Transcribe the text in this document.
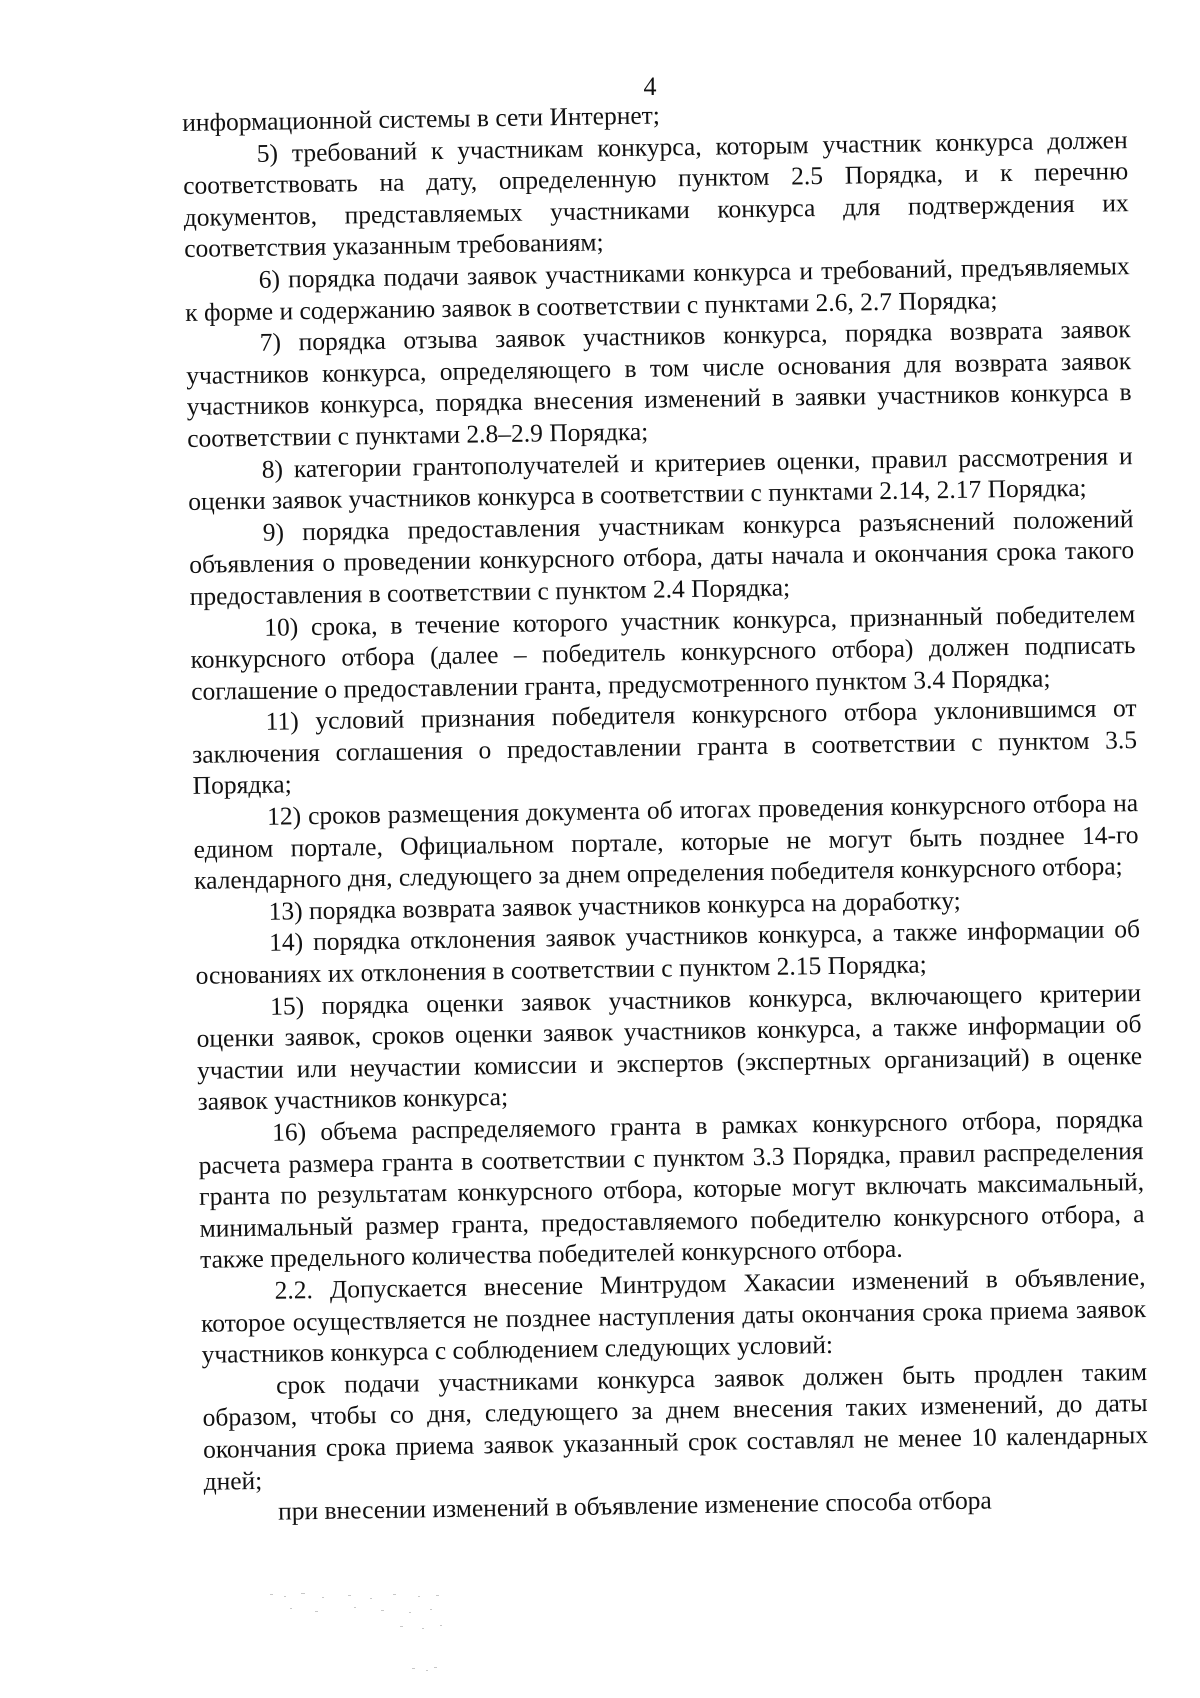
4

информационной системы в сети Интернет;

5) требований к участникам конкурса, которым участник конкурса должен соответствовать на дату, определенную пунктом 2.5 Порядка, и к перечню документов, представляемых участниками конкурса для подтверждения их соответствия указанным требованиям;

6) порядка подачи заявок участниками конкурса и требований, предъявляемых к форме и содержанию заявок в соответствии с пунктами 2.6, 2.7 Порядка;

7) порядка отзыва заявок участников конкурса, порядка возврата заявок участников конкурса, определяющего в том числе основания для возврата заявок участников конкурса, порядка внесения изменений в заявки участников конкурса в соответствии с пунктами 2.8–2.9 Порядка;

8) категории грантополучателей и критериев оценки, правил рассмотрения и оценки заявок участников конкурса в соответствии с пунктами 2.14, 2.17 Порядка;

9) порядка предоставления участникам конкурса разъяснений положений объявления о проведении конкурсного отбора, даты начала и окончания срока такого предоставления в соответствии с пунктом 2.4 Порядка;

10) срока, в течение которого участник конкурса, признанный победителем конкурсного отбора (далее – победитель конкурсного отбора) должен подписать соглашение о предоставлении гранта, предусмотренного пунктом 3.4 Порядка;

11) условий признания победителя конкурсного отбора уклонившимся от заключения соглашения о предоставлении гранта в соответствии с пунктом 3.5 Порядка;

12) сроков размещения документа об итогах проведения конкурсного отбора на едином портале, Официальном портале, которые не могут быть позднее 14-го календарного дня, следующего за днем определения победителя конкурсного отбора;

13) порядка возврата заявок участников конкурса на доработку;

14) порядка отклонения заявок участников конкурса, а также информации об основаниях их отклонения в соответствии с пунктом 2.15 Порядка;

15) порядка оценки заявок участников конкурса, включающего критерии оценки заявок, сроков оценки заявок участников конкурса, а также информации об участии или неучастии комиссии и экспертов (экспертных организаций) в оценке заявок участников конкурса;

16) объема распределяемого гранта в рамках конкурсного отбора, порядка расчета размера гранта в соответствии с пунктом 3.3 Порядка, правил распределения гранта по результатам конкурсного отбора, которые могут включать максимальный, минимальный размер гранта, предоставляемого победителю конкурсного отбора, а также предельного количества победителей конкурсного отбора.

2.2. Допускается внесение Минтрудом Хакасии изменений в объявление, которое осуществляется не позднее наступления даты окончания срока приема заявок участников конкурса с соблюдением следующих условий:

срок подачи участниками конкурса заявок должен быть продлен таким образом, чтобы со дня, следующего за днем внесения таких изменений, до даты окончания срока приема заявок указанный срок составлял не менее 10 календарных дней;

при внесении изменений в объявление изменение способа отбора
